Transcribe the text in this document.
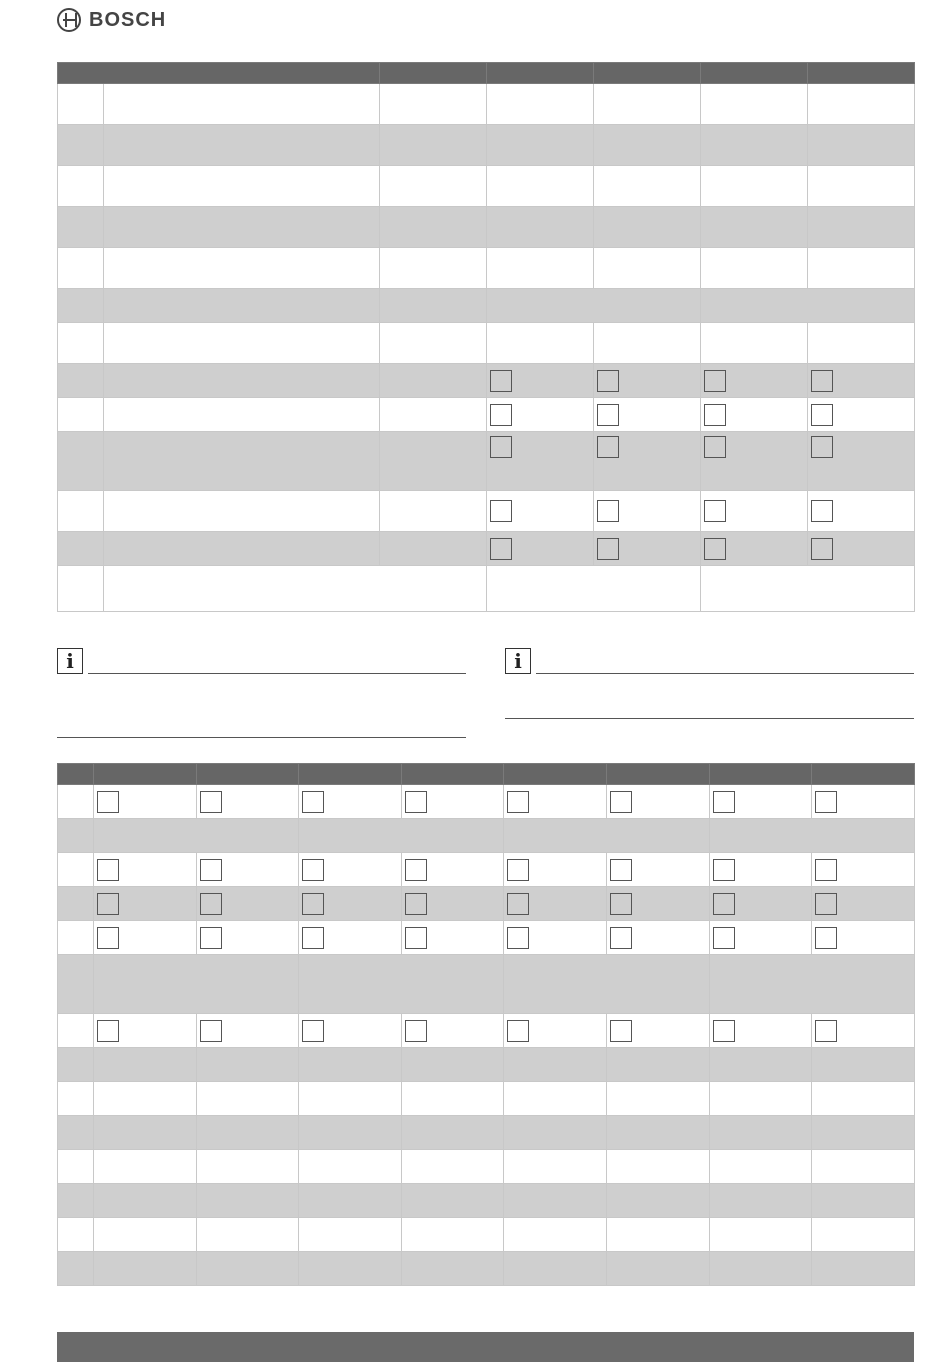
BOSCH

i	i
